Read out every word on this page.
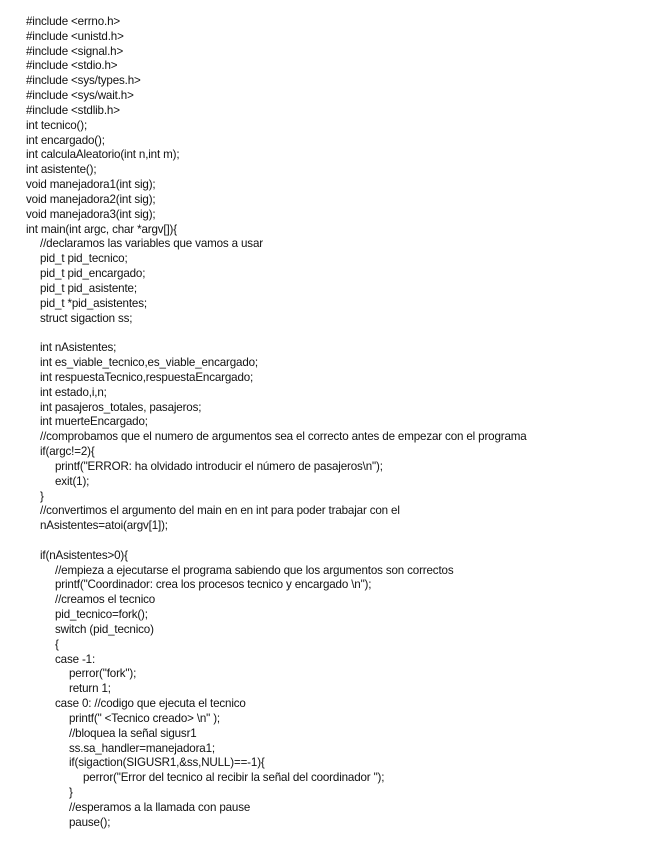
#include <errno.h>
#include <unistd.h>
#include <signal.h>
#include <stdio.h>
#include <sys/types.h>
#include <sys/wait.h>
#include <stdlib.h>
int tecnico();
int encargado();
int calculaAleatorio(int n,int m);
int asistente();
void manejadora1(int sig);
void manejadora2(int sig);
void manejadora3(int sig);
int main(int argc, char *argv[]){
//declaramos las variables que vamos a usar
pid_t pid_tecnico;
pid_t pid_encargado;
pid_t pid_asistente;
pid_t *pid_asistentes;
struct sigaction ss;
int nAsistentes;
int es_viable_tecnico,es_viable_encargado;
int respuestaTecnico,respuestaEncargado;
int estado,i,n;
int pasajeros_totales, pasajeros;
int muerteEncargado;
//comprobamos que el numero de argumentos sea el correcto antes de empezar con el programa
if(argc!=2){
printf("ERROR: ha olvidado introducir el número de pasajeros\n");
exit(1);
}
//convertimos el argumento del main en en int para poder trabajar con el
nAsistentes=atoi(argv[1]);
if(nAsistentes>0){
//empieza a ejecutarse el programa sabiendo que los argumentos son correctos
printf("Coordinador: crea los procesos tecnico y encargado \n");
//creamos el tecnico
pid_tecnico=fork();
switch (pid_tecnico)
{
case -1:
perror("fork");
return 1;
case 0: //codigo que ejecuta el tecnico
printf(" <Tecnico creado> \n" );
//bloquea la señal sigusr1
ss.sa_handler=manejadora1;
if(sigaction(SIGUSR1,&ss,NULL)==-1){
perror("Error del tecnico al recibir la señal del coordinador ");
}
//esperamos a la llamada con pause
pause();
